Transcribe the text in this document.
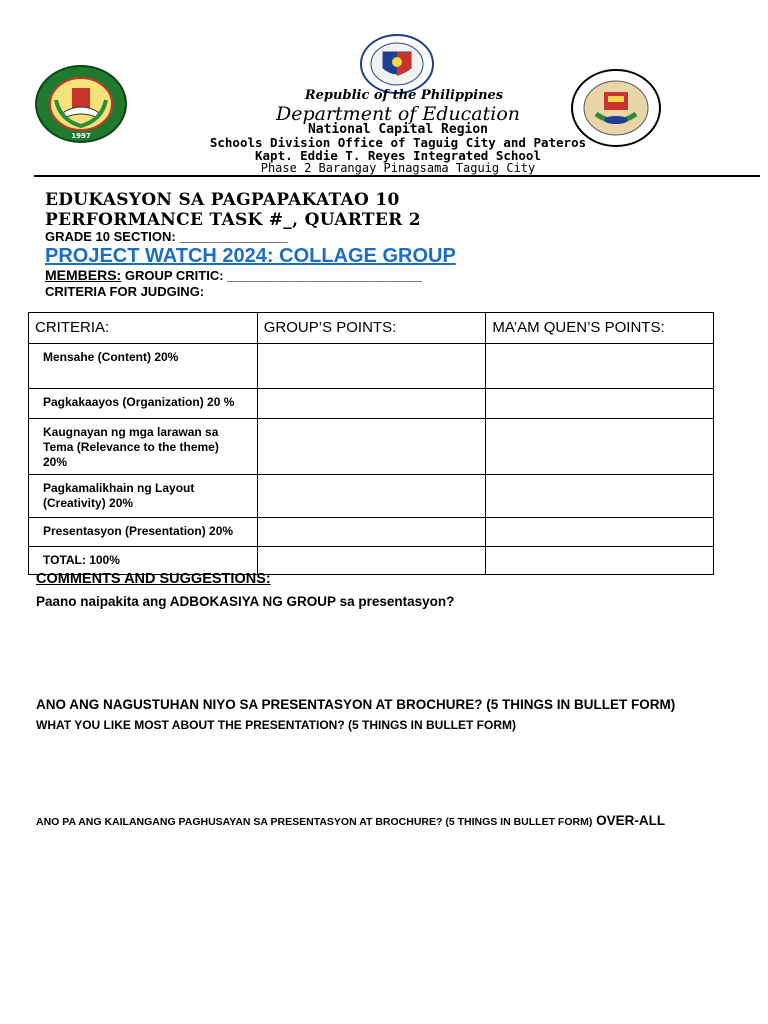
1997
Republic of the Philippines
Department of Education
National Capital Region
Schools Division Office of Taguig City and Pateros
Kapt. Eddie T. Reyes Integrated School
Phase 2 Barangay Pinagsama Taguig City
EDUKASYON SA PAGPAPAKATAO 10
PERFORMANCE TASK #_, QUARTER 2
GRADE 10 SECTION: _______________
PROJECT WATCH 2024: COLLAGE GROUP
MEMBERS: GROUP CRITIC: ___________________________
CRITERIA FOR JUDGING:
CRITERIA:	GROUP’S POINTS:	MA’AM QUEN’S POINTS:
Mensahe (Content) 20%		
Pagkakaayos (Organization) 20 %		
Kaugnayan ng mga larawan sa Tema (Relevance to the theme) 20%		
Pagkamalikhain ng Layout (Creativity) 20%		
Presentasyon (Presentation) 20%		
TOTAL: 100%		
COMMENTS AND SUGGESTIONS:
Paano naipakita ang ADBOKASIYA NG GROUP sa presentasyon?
ANO ANG NAGUSTUHAN NIYO SA PRESENTASYON AT BROCHURE? (5 THINGS IN BULLET FORM)
WHAT YOU LIKE MOST ABOUT THE PRESENTATION? (5 THINGS IN BULLET FORM)
ANO PA ANG KAILANGANG PAGHUSAYAN SA PRESENTASYON AT BROCHURE? (5 THINGS IN BULLET FORM) OVER-ALL
